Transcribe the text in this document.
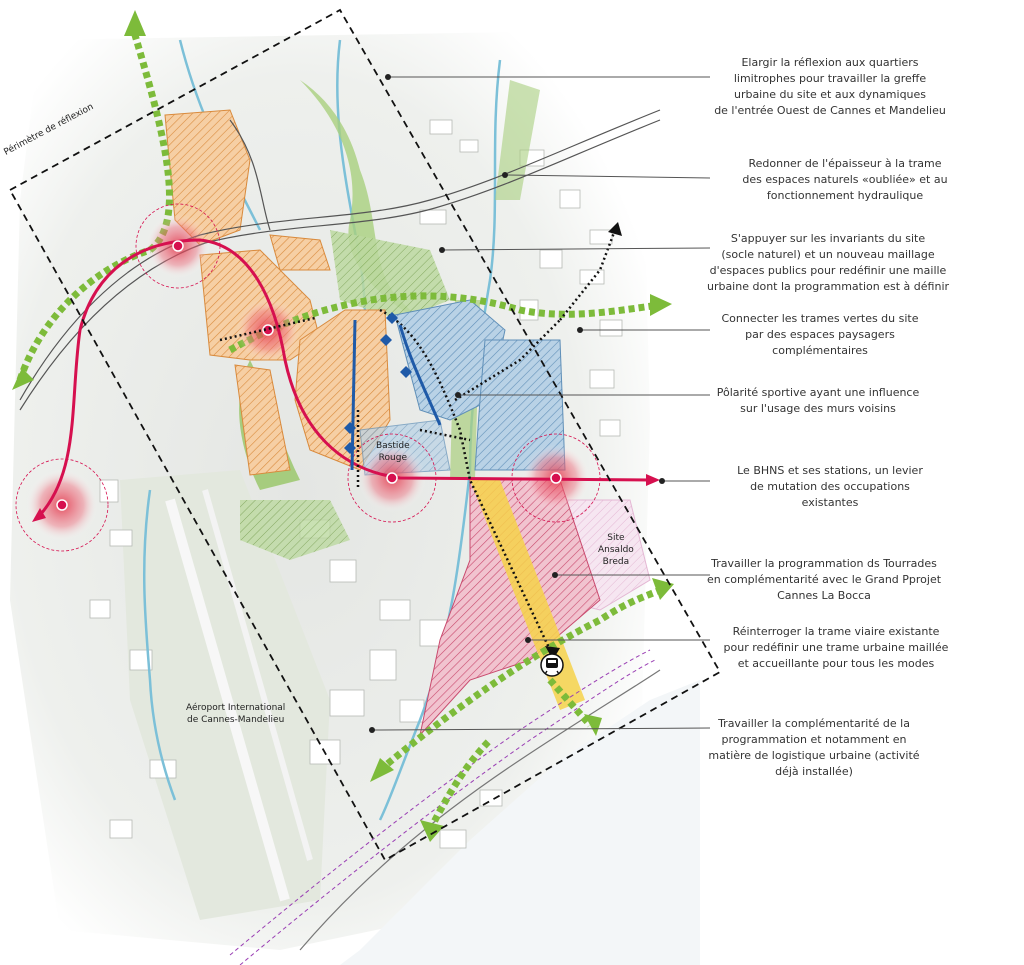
Périmètre de réflexion
Bastide
Rouge
Site
Ansaldo
Breda
Aéroport International
de Cannes-Mandelieu
Elargir la réflexion aux quartiers
limitrophes pour travailler la greffe
urbaine du site et aux dynamiques
de l'entrée Ouest de Cannes et Mandelieu
Redonner de l'épaisseur à la trame
des espaces naturels «oubliée» et au
fonctionnement hydraulique
S'appuyer sur les invariants du site
(socle naturel) et un nouveau maillage
d'espaces publics pour redéfinir une maille
urbaine dont la programmation est à définir
Connecter les trames vertes du site
par des espaces paysagers
complémentaires
Pôlarité sportive ayant une influence
sur l'usage des murs voisins
Le BHNS et ses stations, un levier
de mutation des occupations
existantes
Travailler la programmation ds Tourrades
en complémentarité avec le Grand Pprojet
Cannes La Bocca
Réinterroger la trame viaire existante
pour redéfinir une trame urbaine maillée
et accueillante pour tous les modes
Travailler la complémentarité de la
programmation et notamment en
matière de logistique urbaine (activité
déjà installée)
